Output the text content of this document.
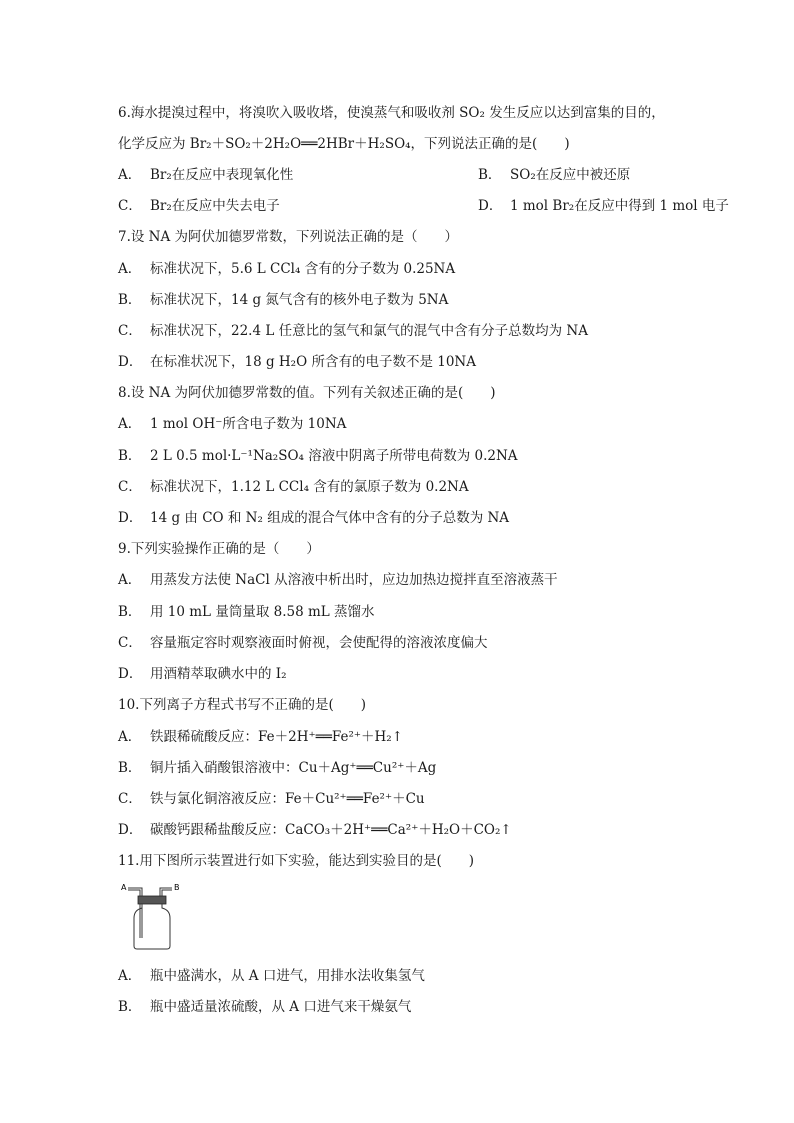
6.海水提溴过程中，将溴吹入吸收塔，使溴蒸气和吸收剂 SO₂ 发生反应以达到富集的目的，
化学反应为 Br₂＋SO₂＋2H₂O══2HBr＋H₂SO₄，下列说法正确的是(　　)
A． Br₂在反应中表现氧化性	B． SO₂在反应中被还原
C． Br₂在反应中失去电子	D． 1 mol Br₂在反应中得到 1 mol 电子
7.设 NA 为阿伏加德罗常数，下列说法正确的是（　　）
A． 标准状况下，5.6 L CCl₄ 含有的分子数为 0.25NA
B． 标准状况下，14 g 氮气含有的核外电子数为 5NA
C． 标准状况下，22.4 L 任意比的氢气和氯气的混气中含有分子总数均为 NA
D． 在标准状况下，18 g H₂O 所含有的电子数不是 10NA
8.设 NA 为阿伏加德罗常数的值。下列有关叙述正确的是(　　)
A． 1 mol OH⁻所含电子数为 10NA
B． 2 L 0.5 mol·L⁻¹Na₂SO₄ 溶液中阴离子所带电荷数为 0.2NA
C． 标准状况下，1.12 L CCl₄ 含有的氯原子数为 0.2NA
D． 14 g 由 CO 和 N₂ 组成的混合气体中含有的分子总数为 NA
9.下列实验操作正确的是（　　）
A． 用蒸发方法使 NaCl 从溶液中析出时，应边加热边搅拌直至溶液蒸干
B． 用 10 mL 量筒量取 8.58 mL 蒸馏水
C． 容量瓶定容时观察液面时俯视，会使配得的溶液浓度偏大
D． 用酒精萃取碘水中的 I₂
10.下列离子方程式书写不正确的是(　　)
A． 铁跟稀硫酸反应：Fe＋2H⁺══Fe²⁺＋H₂↑
B． 铜片插入硝酸银溶液中：Cu＋Ag⁺══Cu²⁺＋Ag
C． 铁与氯化铜溶液反应：Fe＋Cu²⁺══Fe²⁺＋Cu
D． 碳酸钙跟稀盐酸反应：CaCO₃＋2H⁺══Ca²⁺＋H₂O＋CO₂↑
11.用下图所示装置进行如下实验，能达到实验目的是(　　)
A	B
A． 瓶中盛满水，从 A 口进气，用排水法收集氢气
B． 瓶中盛适量浓硫酸，从 A 口进气来干燥氨气
